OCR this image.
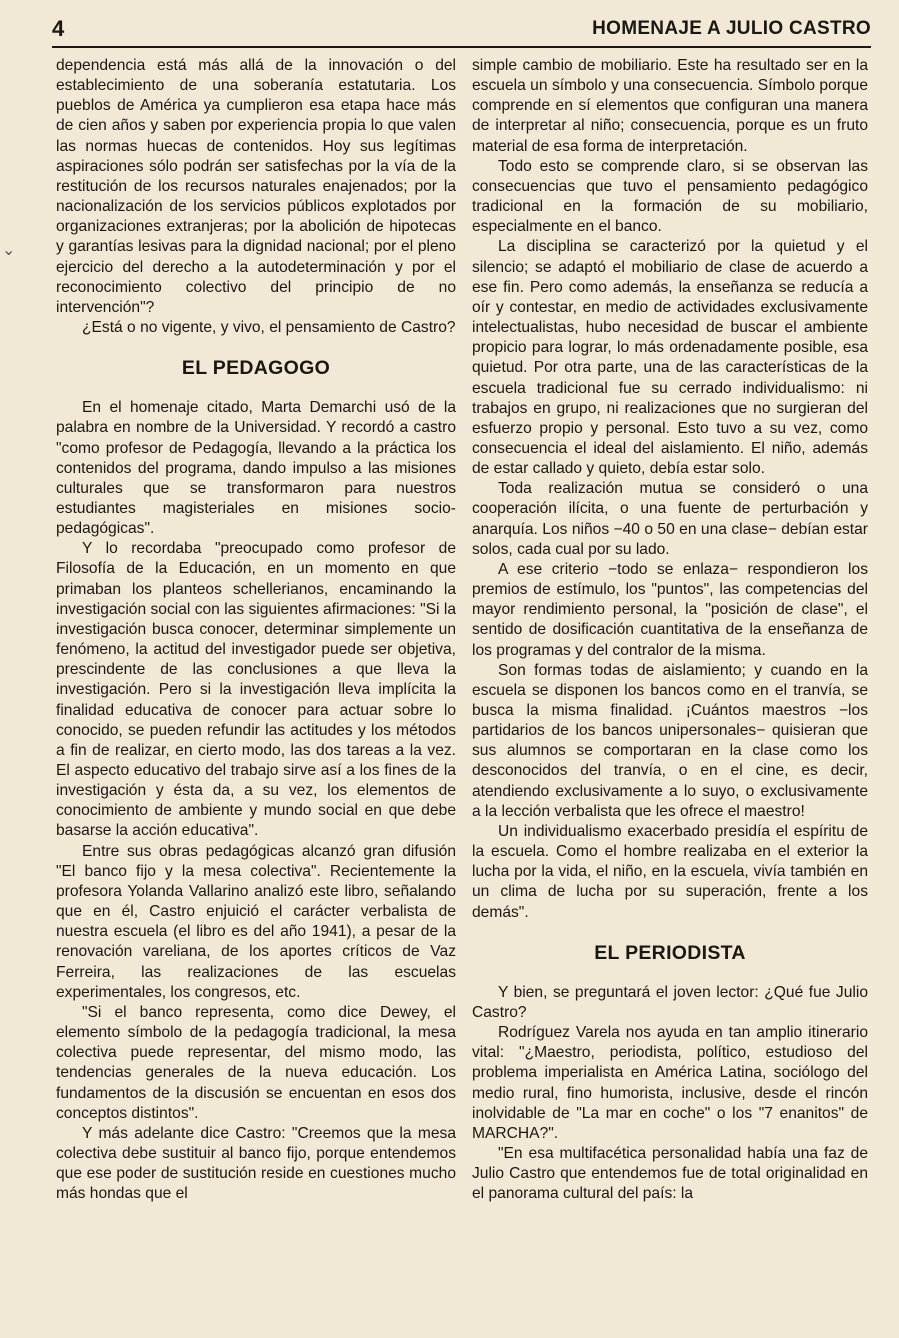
4	HOMENAJE A JULIO CASTRO
⌄

dependencia está más allá de la innovación o del establecimiento de una soberanía estatutaria. Los pueblos de América ya cumplieron esa etapa hace más de cien años y saben por experiencia propia lo que valen las normas huecas de contenidos. Hoy sus legítimas aspiraciones sólo podrán ser satisfechas por la vía de la restitución de los recursos naturales enajenados; por la nacionalización de los servicios públicos explotados por organizaciones extranjeras; por la abolición de hipotecas y garantías lesivas para la dignidad nacional; por el pleno ejercicio del derecho a la autodeterminación y por el reconocimiento colectivo del principio de no intervención"?

¿Está o no vigente, y vivo, el pensamiento de Castro?

EL PEDAGOGO

En el homenaje citado, Marta Demarchi usó de la palabra en nombre de la Universidad. Y recordó a castro "como profesor de Pedagogía, llevando a la práctica los contenidos del programa, dando impulso a las misiones culturales que se transformaron para nuestros estudiantes magisteriales en misiones socio-pedagógicas".

Y lo recordaba "preocupado como profesor de Filosofía de la Educación, en un momento en que primaban los planteos schellerianos, encaminando la investigación social con las siguientes afirmaciones: "Si la investigación busca conocer, determinar simplemente un fenómeno, la actitud del investigador puede ser objetiva, prescindente de las conclusiones a que lleva la investigación. Pero si la investigación lleva implícita la finalidad educativa de conocer para actuar sobre lo conocido, se pueden refundir las actitudes y los métodos a fin de realizar, en cierto modo, las dos tareas a la vez. El aspecto educativo del trabajo sirve así a los fines de la investigación y ésta da, a su vez, los elementos de conocimiento de ambiente y mundo social en que debe basarse la acción educativa".

Entre sus obras pedagógicas alcanzó gran difusión "El banco fijo y la mesa colectiva". Recientemente la profesora Yolanda Vallarino analizó este libro, señalando que en él, Castro enjuició el carácter verbalista de nuestra escuela (el libro es del año 1941), a pesar de la renovación vareliana, de los aportes críticos de Vaz Ferreira, las realizaciones de las escuelas experimentales, los congresos, etc.

"Si el banco representa, como dice Dewey, el elemento símbolo de la pedagogía tradicional, la mesa colectiva puede representar, del mismo modo, las tendencias generales de la nueva educación. Los fundamentos de la discusión se encuentan en esos dos conceptos distintos".

Y más adelante dice Castro: "Creemos que la mesa colectiva debe sustituir al banco fijo, porque entendemos que ese poder de sustitución reside en cuestiones mucho más hondas que el

simple cambio de mobiliario. Este ha resultado ser en la escuela un símbolo y una consecuencia. Símbolo porque comprende en sí elementos que configuran una manera de interpretar al niño; consecuencia, porque es un fruto material de esa forma de interpretación.

Todo esto se comprende claro, si se observan las consecuencias que tuvo el pensamiento pedagógico tradicional en la formación de su mobiliario, especialmente en el banco.

La disciplina se caracterizó por la quietud y el silencio; se adaptó el mobiliario de clase de acuerdo a ese fin. Pero como además, la enseñanza se reducía a oír y contestar, en medio de actividades exclusivamente intelectualistas, hubo necesidad de buscar el ambiente propicio para lograr, lo más ordenadamente posible, esa quietud. Por otra parte, una de las características de la escuela tradicional fue su cerrado individualismo: ni trabajos en grupo, ni realizaciones que no surgieran del esfuerzo propio y personal. Esto tuvo a su vez, como consecuencia el ideal del aislamiento. El niño, además de estar callado y quieto, debía estar solo.

Toda realización mutua se consideró o una cooperación ilícita, o una fuente de perturbación y anarquía. Los niños −40 o 50 en una clase− debían estar solos, cada cual por su lado.

A ese criterio −todo se enlaza− respondieron los premios de estímulo, los "puntos", las competencias del mayor rendimiento personal, la "posición de clase", el sentido de dosificación cuantitativa de la enseñanza de los programas y del contralor de la misma.

Son formas todas de aislamiento; y cuando en la escuela se disponen los bancos como en el tranvía, se busca la misma finalidad. ¡Cuántos maestros −los partidarios de los bancos unipersonales− quisieran que sus alumnos se comportaran en la clase como los desconocidos del tranvía, o en el cine, es decir, atendiendo exclusivamente a lo suyo, o exclusivamente a la lección verbalista que les ofrece el maestro!

Un individualismo exacerbado presidía el espíritu de la escuela. Como el hombre realizaba en el exterior la lucha por la vida, el niño, en la escuela, vivía también en un clima de lucha por su superación, frente a los demás".

EL PERIODISTA

Y bien, se preguntará el joven lector: ¿Qué fue Julio Castro?

Rodríguez Varela nos ayuda en tan amplio itinerario vital: "¿Maestro, periodista, político, estudioso del problema imperialista en América Latina, sociólogo del medio rural, fino humorista, inclusive, desde el rincón inolvidable de "La mar en coche" o los "7 enanitos" de MARCHA?".

"En esa multifacética personalidad había una faz de Julio Castro que entendemos fue de total originalidad en el panorama cultural del país: la
